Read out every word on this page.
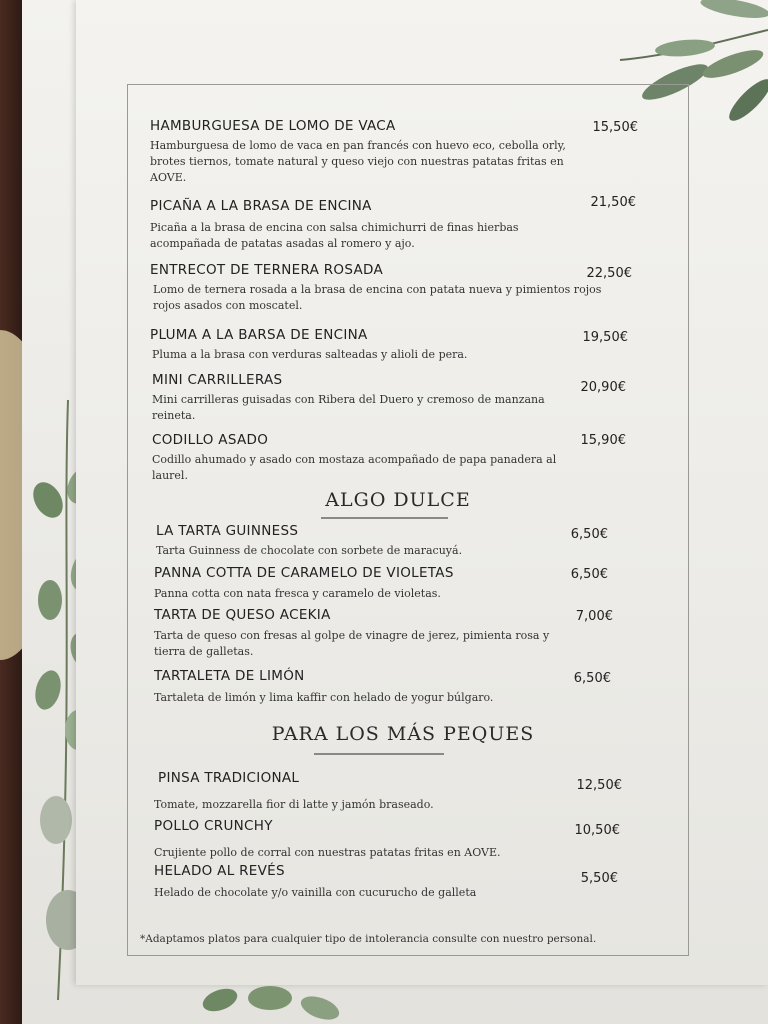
HAMBURGUESA DE LOMO DE VACA	15,50€
Hamburguesa de lomo de vaca en pan francés con huevo eco, cebolla orly, brotes tiernos, tomate natural y queso viejo con nuestras patatas fritas en AOVE.
PICAÑA A LA BRASA DE ENCINA	21,50€
Picaña a la brasa de encina con salsa chimichurri de finas hierbas acompañada de patatas asadas al romero y ajo.
ENTRECOT DE TERNERA ROSADA	22,50€
Lomo de ternera rosada a la brasa de encina con patata nueva y pimientos rojos rojos asados con moscatel.
PLUMA A LA BARSA DE ENCINA	19,50€
Pluma a la brasa con verduras salteadas y alioli de pera.
MINI CARRILLERAS	20,90€
Mini carrilleras guisadas con Ribera del Duero y cremoso de manzana reineta.
CODILLO ASADO	15,90€
Codillo ahumado y asado con mostaza acompañado de papa panadera al laurel.
ALGO DULCE
LA TARTA GUINNESS	6,50€
Tarta Guinness de chocolate con sorbete de maracuyá.
PANNA COTTA DE CARAMELO DE VIOLETAS	6,50€
Panna cotta con nata fresca y caramelo de violetas.
TARTA DE QUESO ACEKIA	7,00€
Tarta de queso con fresas al golpe de vinagre de jerez, pimienta rosa y tierra de galletas.
TARTALETA DE LIMÓN	6,50€
Tartaleta de limón y lima kaffir con helado de yogur búlgaro.
PARA LOS MÁS PEQUES
PINSA TRADICIONAL	12,50€
Tomate, mozzarella fior di latte y jamón braseado.
POLLO CRUNCHY	10,50€
Crujiente pollo de corral con nuestras patatas fritas en AOVE.
HELADO AL REVÉS	5,50€
Helado de chocolate y/o vainilla con cucurucho de galleta
*Adaptamos platos para cualquier tipo de intolerancia consulte con nuestro personal.
